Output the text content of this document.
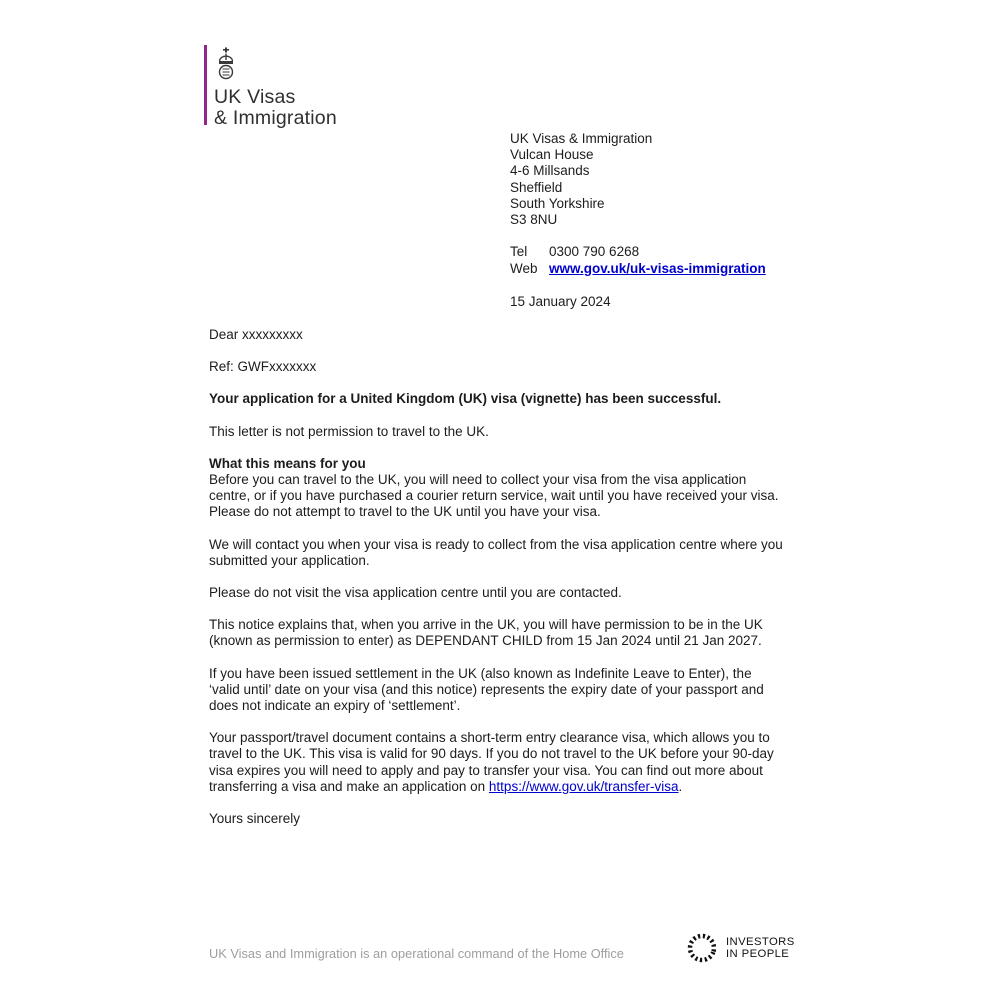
UK Visas
& Immigration
UK Visas & Immigration
Vulcan House
4-6 Millsands
Sheffield
South Yorkshire
S3 8NU
Tel	0300 790 6268
Web www.gov.uk/uk-visas-immigration
15 January 2024

Dear xxxxxxxxx

Ref: GWFxxxxxxx

Your application for a United Kingdom (UK) visa (vignette) has been successful.

This letter is not permission to travel to the UK.

What this means for you

Before you can travel to the UK, you will need to collect your visa from the visa application centre, or if you have purchased a courier return service, wait until you have received your visa. Please do not attempt to travel to the UK until you have your visa.

We will contact you when your visa is ready to collect from the visa application centre where you submitted your application.

Please do not visit the visa application centre until you are contacted.

This notice explains that, when you arrive in the UK, you will have permission to be in the UK (known as permission to enter) as DEPENDANT CHILD from 15 Jan 2024 until 21 Jan 2027.

If you have been issued settlement in the UK (also known as Indefinite Leave to Enter), the ‘valid until’ date on your visa (and this notice) represents the expiry date of your passport and does not indicate an expiry of ‘settlement’.

Your passport/travel document contains a short-term entry clearance visa, which allows you to travel to the UK. This visa is valid for 90 days. If you do not travel to the UK before your 90-day visa expires you will need to apply and pay to transfer your visa. You can find out more about transferring a visa and make an application on https://www.gov.uk/transfer-visa.

Yours sincerely

UK Visas and Immigration is an operational command of the Home Office
INVESTORS
IN PEOPLE
